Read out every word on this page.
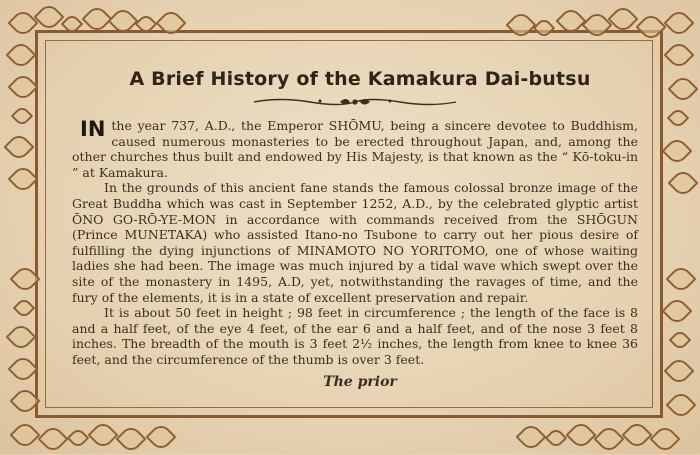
A Brief History of the Kamakura Dai-butsu

IN the year 737, A.D., the Emperor SHŌMU, being a sincere devotee to Buddhism, caused numerous monasteries to be erected throughout Japan, and, among the other churches thus built and endowed by His Majesty, is that known as the “ Kō-toku-in ” at Kamakura.

In the grounds of this ancient fane stands the famous colossal bronze image of the Great Buddha which was cast in September 1252, A.D., by the celebrated glyptic artist ŌNO GO-RŌ-YE-MON in accordance with commands received from the SHŌGUN (Prince MUNETAKA) who assisted Itano-no Tsubone to carry out her pious desire of fulfilling the dying injunctions of MINAMOTO NO YORITOMO, one of whose waiting ladies she had been. The image was much injured by a tidal wave which swept over the site of the monastery in 1495, A.D, yet, notwithstanding the ravages of time, and the fury of the elements, it is in a state of excellent preservation and repair.

It is about 50 feet in height ; 98 feet in circumference ; the length of the face is 8 and a half feet, of the eye 4 feet, of the ear 6 and a half feet, and of the nose 3 feet 8 inches. The breadth of the mouth is 3 feet 2½ inches, the length from knee to knee 36 feet, and the circumference of the thumb is over 3 feet.

The prior
